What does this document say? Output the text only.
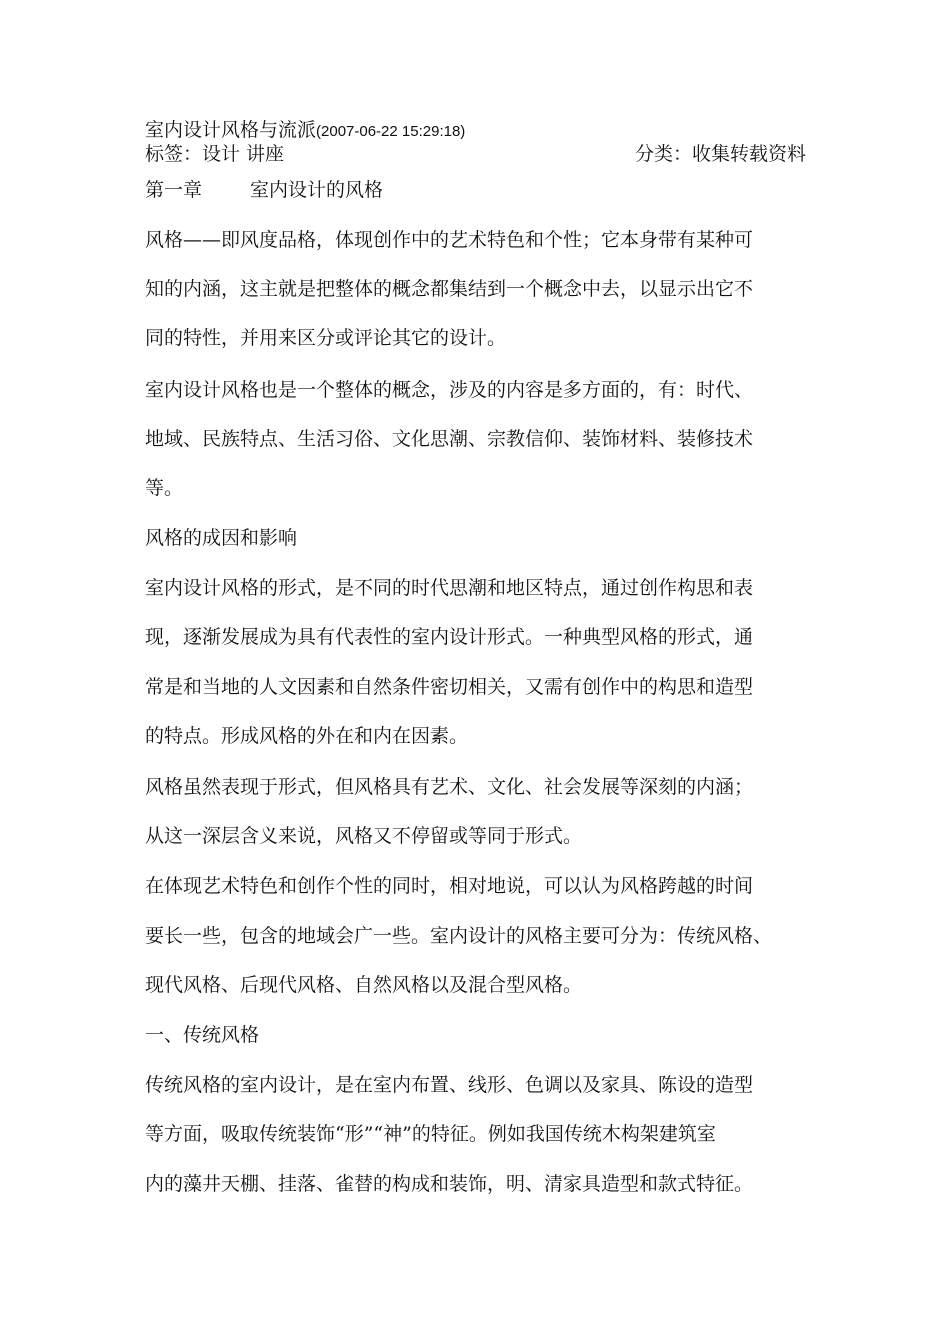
室内设计风格与流派(2007-06-22 15:29:18)
标签：设计 讲座	分类：收集转载资料
第一章	室内设计的风格
风格——即风度品格，体现创作中的艺术特色和个性；它本身带有某种可
知的内涵，这主就是把整体的概念都集结到一个概念中去，以显示出它不
同的特性，并用来区分或评论其它的设计。
室内设计风格也是一个整体的概念，涉及的内容是多方面的，有：时代、
地域、民族特点、生活习俗、文化思潮、宗教信仰、装饰材料、装修技术
等。
风格的成因和影响
室内设计风格的形式，是不同的时代思潮和地区特点，通过创作构思和表
现，逐渐发展成为具有代表性的室内设计形式。一种典型风格的形式，通
常是和当地的人文因素和自然条件密切相关，又需有创作中的构思和造型
的特点。形成风格的外在和内在因素。
风格虽然表现于形式，但风格具有艺术、文化、社会发展等深刻的内涵；
从这一深层含义来说，风格又不停留或等同于形式。
在体现艺术特色和创作个性的同时，相对地说，可以认为风格跨越的时间
要长一些，包含的地域会广一些。室内设计的风格主要可分为：传统风格、
现代风格、后现代风格、自然风格以及混合型风格。
一、传统风格
传统风格的室内设计，是在室内布置、线形、色调以及家具、陈设的造型
等方面，吸取传统装饰“形”“神”的特征。例如我国传统木构架建筑室
内的藻井天棚、挂落、雀替的构成和装饰，明、清家具造型和款式特征。
